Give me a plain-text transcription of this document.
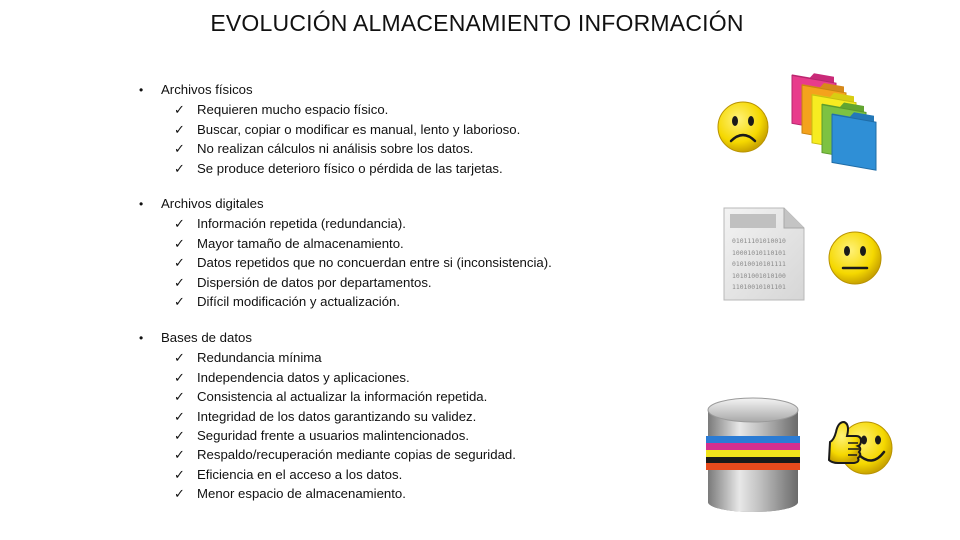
EVOLUCIÓN ALMACENAMIENTO INFORMACIÓN
•	Archivos físicos
✓ Requieren mucho espacio físico.
✓ Buscar, copiar o modificar es manual, lento y laborioso.
✓ No realizan cálculos ni análisis sobre los datos.
✓ Se produce deterioro físico o pérdida de las tarjetas.
•	Archivos digitales
✓ Información repetida (redundancia).
✓ Mayor tamaño de almacenamiento.
✓ Datos repetidos que no concuerdan entre si (inconsistencia).
✓ Dispersión de datos por departamentos.
✓ Difícil modificación y actualización.
•	Bases de datos
✓ Redundancia mínima
✓ Independencia datos y aplicaciones.
✓ Consistencia al actualizar la información repetida.
✓ Integridad de los datos garantizando su validez.
✓ Seguridad frente a usuarios malintencionados.
✓ Respaldo/recuperación mediante copias de seguridad.
✓ Eficiencia en el acceso a los datos.
✓ Menor espacio de almacenamiento.
01011101010010
10001010110101
01010010101111
10101001010100
11010010101101
